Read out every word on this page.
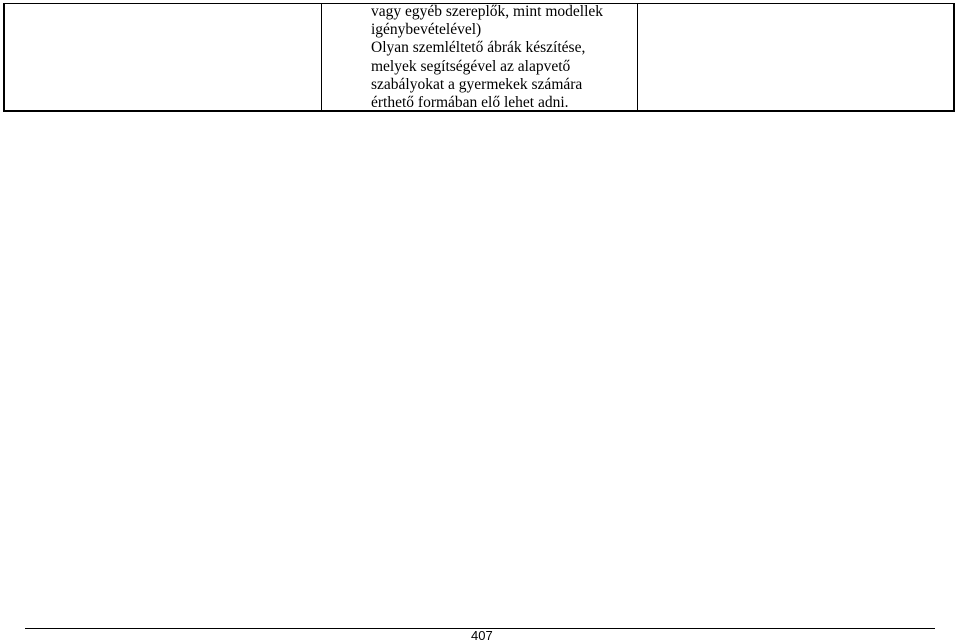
vagy egyéb szereplők, mint modellek
igénybevételével)
Olyan szemléltető ábrák készítése,
melyek segítségével az alapvető
szabályokat a gyermekek számára
érthető formában elő lehet adni.
407
